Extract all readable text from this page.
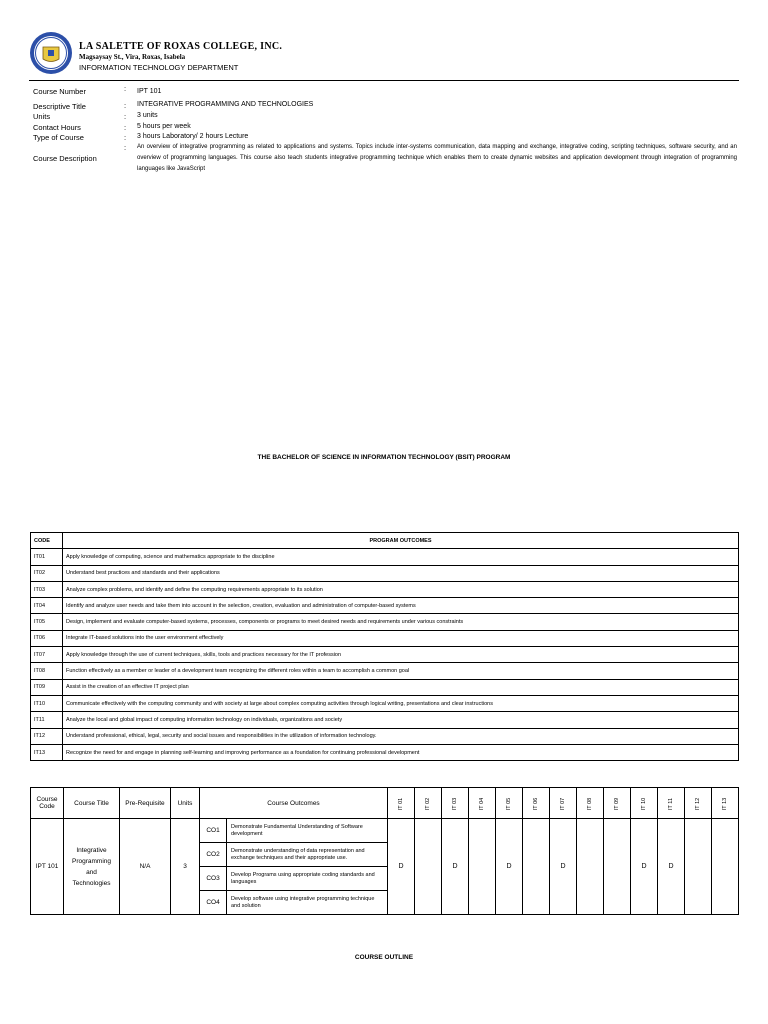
LA SALETTE OF ROXAS COLLEGE, INC.
Magsaysay St., Vira, Roxas, Isabela
INFORMATION TECHNOLOGY DEPARTMENT
Course Number	: IPT 101
Descriptive Title	: INTEGRATIVE PROGRAMMING AND TECHNOLOGIES
Units	: 3 units
Contact Hours	: 5 hours per week
Type of Course	: 3 hours Laboratory/ 2 hours Lecture
Course Description
: An overview of integrative programming as related to applications and systems. Topics include inter-systems communication, data mapping and exchange, integrative coding, scripting techniques, software security, and an overview of programming languages. This course also teach students integrative programming technique which enables them to create dynamic websites and application development through integration of programming languages like JavaScript
THE BACHELOR OF SCIENCE IN INFORMATION TECHNOLOGY (BSIT) PROGRAM
CODE	PROGRAM OUTCOMES
IT01	Apply knowledge of computing, science and mathematics appropriate to the discipline
IT02	Understand best practices and standards and their applications
IT03	Analyze complex problems, and identify and define the computing requirements appropriate to its solution
IT04	Identify and analyze user needs and take them into account in the selection, creation, evaluation and administration of computer-based systems
IT05	Design, implement and evaluate computer-based systems, processes, components or programs to meet desired needs and requirements under various constraints
IT06	Integrate IT-based solutions into the user environment effectively
IT07	Apply knowledge through the use of current techniques, skills, tools and practices necessary for the IT profession
IT08	Function effectively as a member or leader of a development team recognizing the different roles within a team to accomplish a common goal
IT09	Assist in the creation of an effective IT project plan
IT10	Communicate effectively with the computing community and with society at large about complex computing activities through logical writing, presentations and clear instructions
IT11	Analyze the local and global impact of computing information technology on individuals, organizations and society
IT12	Understand professional, ethical, legal, security and social issues and responsibilities in the utilization of information technology.
IT13	Recognize the need for and engage in planning self-learning and improving performance as a foundation for continuing professional development
Course Code	Course Title	Pre-Requisite	Units	Course Outcomes		IT 01	IT 02	IT 03	IT 04	IT 05	IT 06	IT 07	IT 08	IT 09	IT 10	IT 11	IT 12	IT 13
IPT 101	Integrative Programming and Technologies	N/A	3	CO1	Demonstrate Fundamental Understanding of Software development	D		D		D		D			D	D		
				CO2	Demonstrate understanding of data representation and exchange techniques and their appropriate use.													
				CO3	Develop Programs using appropriate coding standards and languages													
				CO4	Develop software using integrative programming technique and solution													
COURSE OUTLINE
